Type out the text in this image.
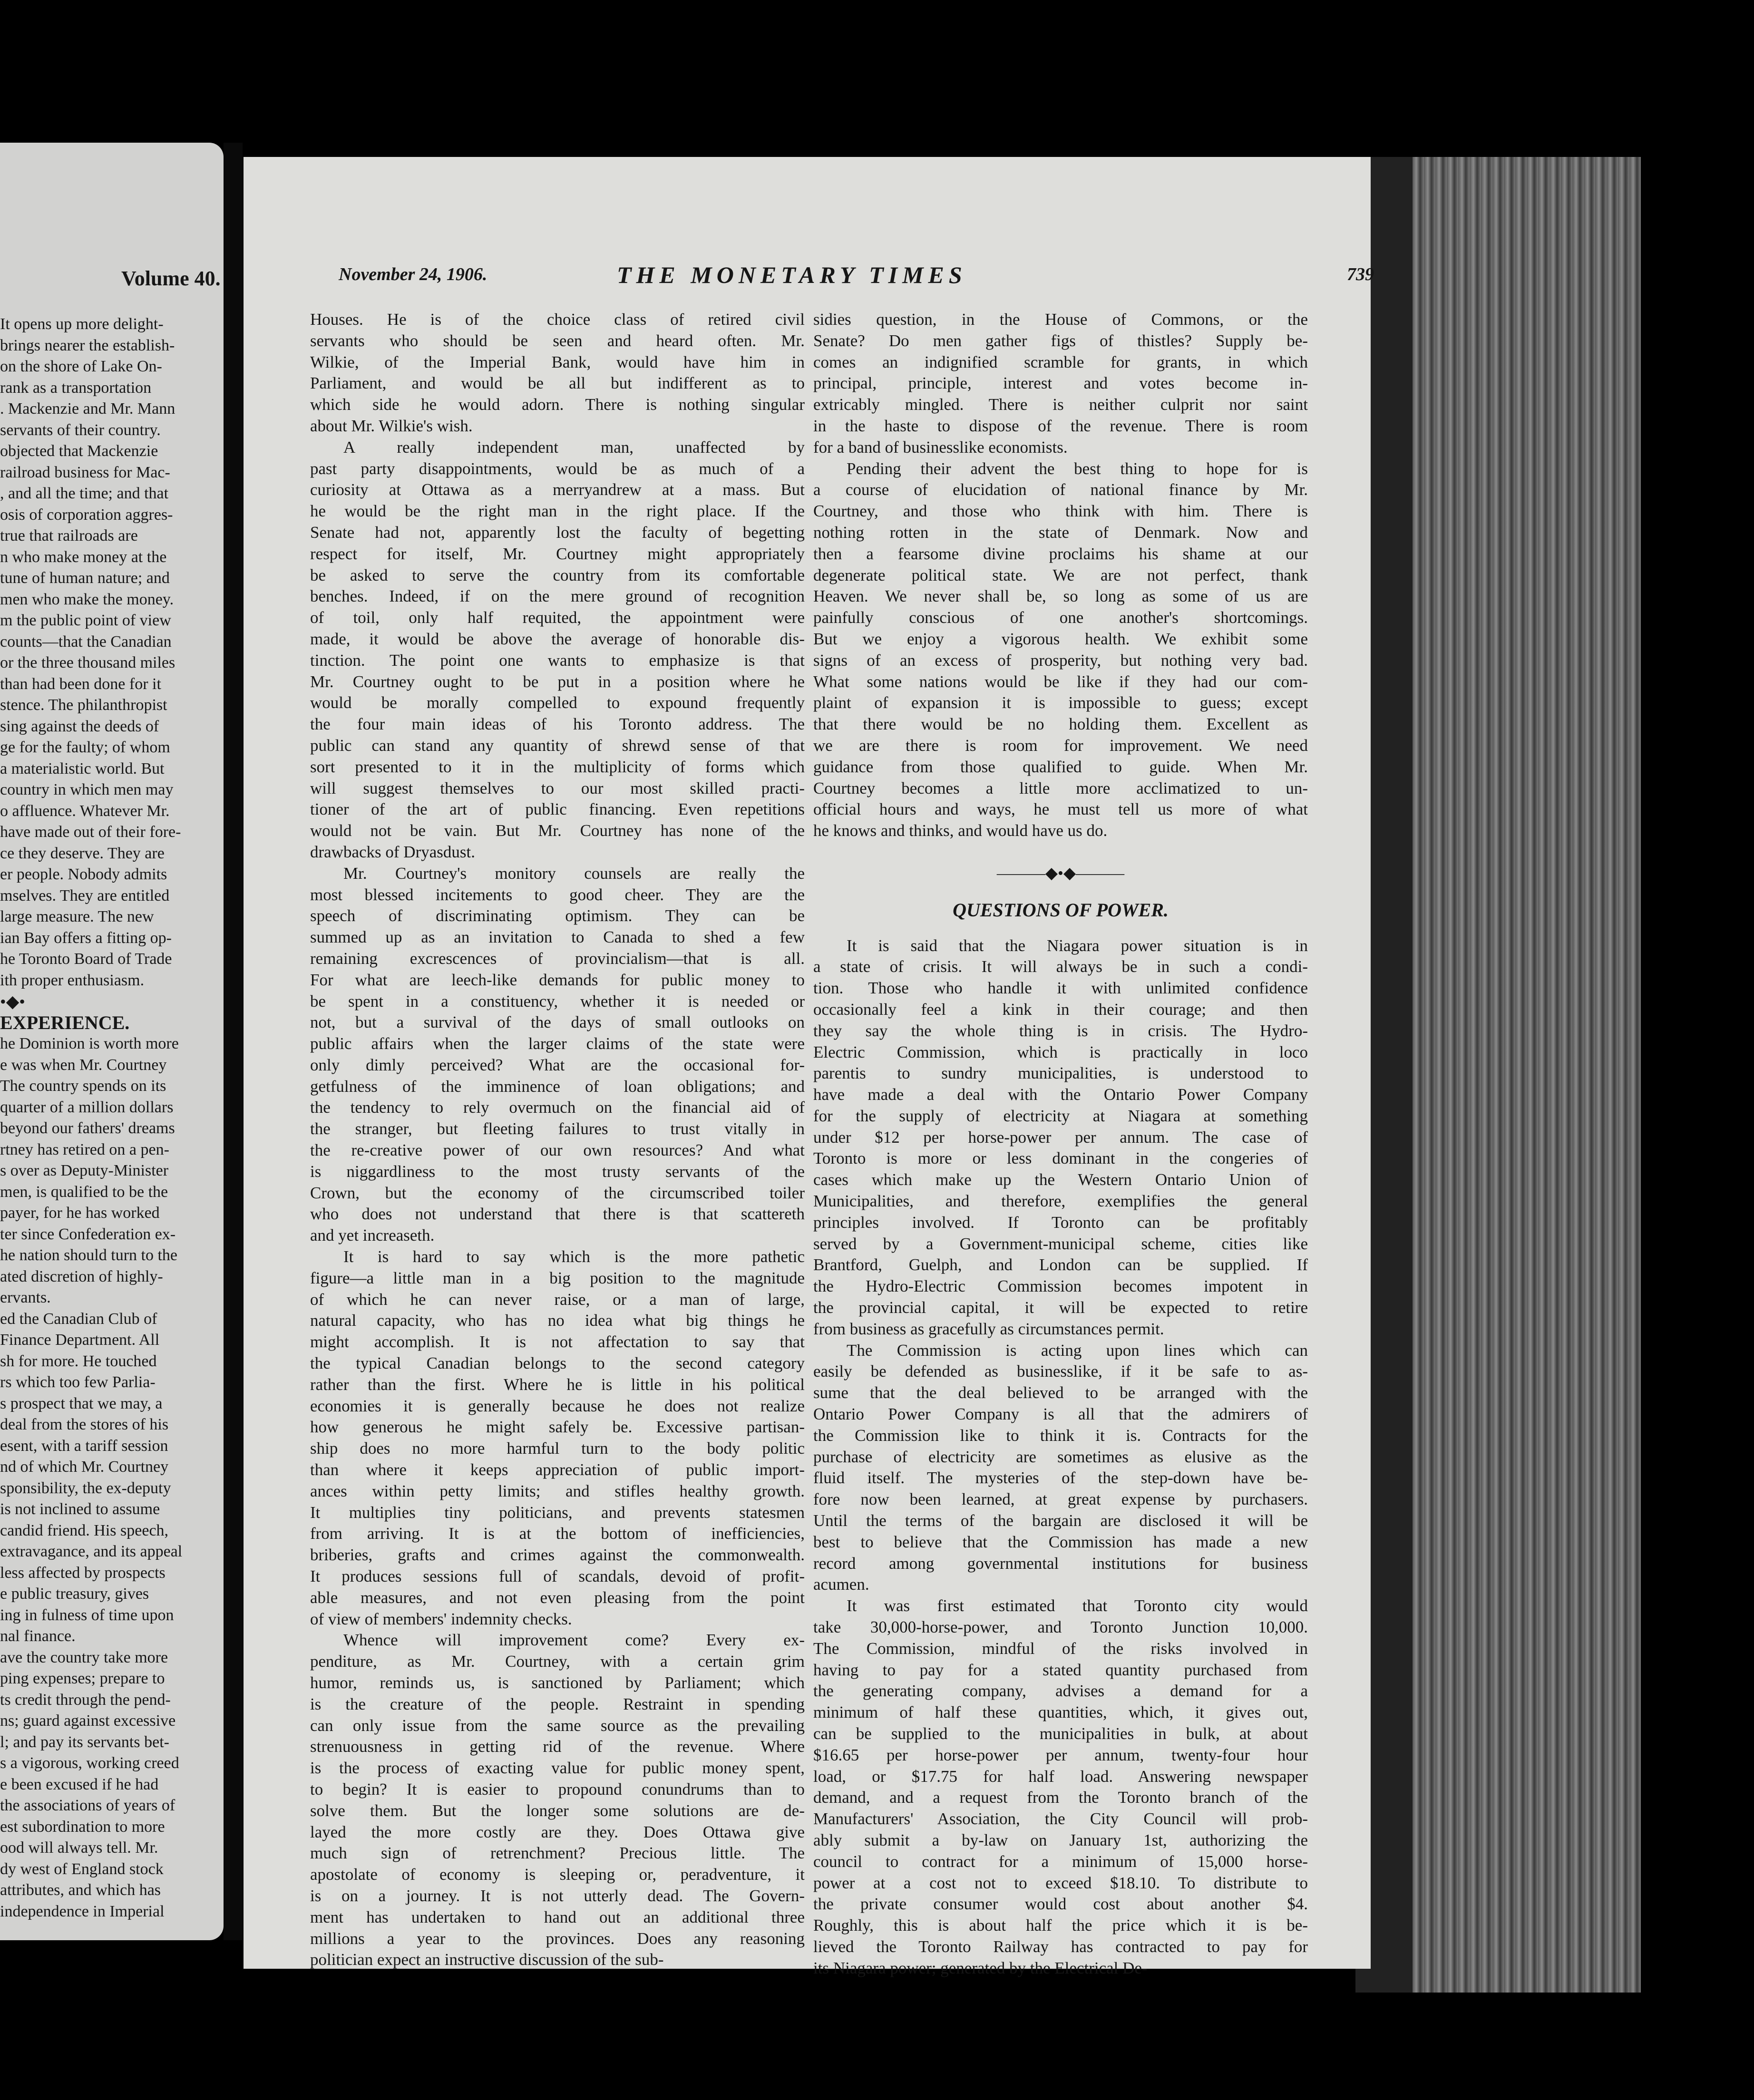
Volume 40.
It opens up more delight-
brings nearer the establish-
on the shore of Lake On-
rank as a transportation
. Mackenzie and Mr. Mann
servants of their country.
objected that Mackenzie
railroad business for Mac-
, and all the time; and that
osis of corporation aggres-
true that railroads are
n who make money at the
tune of human nature; and
men who make the money.
m the public point of view
counts—that the Canadian
or the three thousand miles
than had been done for it
stence. The philanthropist
sing against the deeds of
ge for the faulty; of whom
a materialistic world. But
country in which men may
o affluence. Whatever Mr.
have made out of their fore-
ce they deserve. They are
er people. Nobody admits
mselves. They are entitled
large measure. The new
ian Bay offers a fitting op-
he Toronto Board of Trade
ith proper enthusiasm.
•◆•
EXPERIENCE.
he Dominion is worth more
e was when Mr. Courtney
The country spends on its
quarter of a million dollars
beyond our fathers' dreams
rtney has retired on a pen-
s over as Deputy-Minister
men, is qualified to be the
payer, for he has worked
ter since Confederation ex-
he nation should turn to the
ated discretion of highly-
ervants.
ed the Canadian Club of
Finance Department. All
sh for more. He touched
rs which too few Parlia-
s prospect that we may, a
deal from the stores of his
esent, with a tariff session
nd of which Mr. Courtney
sponsibility, the ex-deputy
is not inclined to assume
candid friend. His speech,
extravagance, and its appeal
less affected by prospects
e public treasury, gives
ing in fulness of time upon
nal finance.
ave the country take more
ping expenses; prepare to
ts credit through the pend-
ns; guard against excessive
l; and pay its servants bet-
s a vigorous, working creed
e been excused if he had
the associations of years of
est subordination to more
ood will always tell. Mr.
dy west of England stock
attributes, and which has
independence in Imperial
November 24, 1906.	THE MONETARY TIMES	739
Houses. He is of the choice class of retired civil
servants who should be seen and heard often. Mr.
Wilkie, of the Imperial Bank, would have him in
Parliament, and would be all but indifferent as to
which side he would adorn. There is nothing singular
about Mr. Wilkie's wish.
A really independent man, unaffected by
past party disappointments, would be as much of a
curiosity at Ottawa as a merryandrew at a mass. But
he would be the right man in the right place. If the
Senate had not, apparently lost the faculty of begetting
respect for itself, Mr. Courtney might appropriately
be asked to serve the country from its comfortable
benches. Indeed, if on the mere ground of recognition
of toil, only half requited, the appointment were
made, it would be above the average of honorable dis-
tinction. The point one wants to emphasize is that
Mr. Courtney ought to be put in a position where he
would be morally compelled to expound frequently
the four main ideas of his Toronto address. The
public can stand any quantity of shrewd sense of that
sort presented to it in the multiplicity of forms which
will suggest themselves to our most skilled practi-
tioner of the art of public financing. Even repetitions
would not be vain. But Mr. Courtney has none of the
drawbacks of Dryasdust.
Mr. Courtney's monitory counsels are really the
most blessed incitements to good cheer. They are the
speech of discriminating optimism. They can be
summed up as an invitation to Canada to shed a few
remaining excrescences of provincialism—that is all.
For what are leech-like demands for public money to
be spent in a constituency, whether it is needed or
not, but a survival of the days of small outlooks on
public affairs when the larger claims of the state were
only dimly perceived? What are the occasional for-
getfulness of the imminence of loan obligations; and
the tendency to rely overmuch on the financial aid of
the stranger, but fleeting failures to trust vitally in
the re-creative power of our own resources? And what
is niggardliness to the most trusty servants of the
Crown, but the economy of the circumscribed toiler
who does not understand that there is that scattereth
and yet increaseth.
It is hard to say which is the more pathetic
figure—a little man in a big position to the magnitude
of which he can never raise, or a man of large,
natural capacity, who has no idea what big things he
might accomplish. It is not affectation to say that
the typical Canadian belongs to the second category
rather than the first. Where he is little in his political
economies it is generally because he does not realize
how generous he might safely be. Excessive partisan-
ship does no more harmful turn to the body politic
than where it keeps appreciation of public import-
ances within petty limits; and stifles healthy growth.
It multiplies tiny politicians, and prevents statesmen
from arriving. It is at the bottom of inefficiencies,
briberies, grafts and crimes against the commonwealth.
It produces sessions full of scandals, devoid of profit-
able measures, and not even pleasing from the point
of view of members' indemnity checks.
Whence will improvement come? Every ex-
penditure, as Mr. Courtney, with a certain grim
humor, reminds us, is sanctioned by Parliament; which
is the creature of the people. Restraint in spending
can only issue from the same source as the prevailing
strenuousness in getting rid of the revenue. Where
is the process of exacting value for public money spent,
to begin? It is easier to propound conundrums than to
solve them. But the longer some solutions are de-
layed the more costly are they. Does Ottawa give
much sign of retrenchment? Precious little. The
apostolate of economy is sleeping or, peradventure, it
is on a journey. It is not utterly dead. The Govern-
ment has undertaken to hand out an additional three
millions a year to the provinces. Does any reasoning
politician expect an instructive discussion of the sub-
sidies question, in the House of Commons, or the
Senate? Do men gather figs of thistles? Supply be-
comes an indignified scramble for grants, in which
principal, principle, interest and votes become in-
extricably mingled. There is neither culprit nor saint
in the haste to dispose of the revenue. There is room
for a band of businesslike economists.
Pending their advent the best thing to hope for is
a course of elucidation of national finance by Mr.
Courtney, and those who think with him. There is
nothing rotten in the state of Denmark. Now and
then a fearsome divine proclaims his shame at our
degenerate political state. We are not perfect, thank
Heaven. We never shall be, so long as some of us are
painfully conscious of one another's shortcomings.
But we enjoy a vigorous health. We exhibit some
signs of an excess of prosperity, but nothing very bad.
What some nations would be like if they had our com-
plaint of expansion it is impossible to guess; except
that there would be no holding them. Excellent as
we are there is room for improvement. We need
guidance from those qualified to guide. When Mr.
Courtney becomes a little more acclimatized to un-
official hours and ways, he must tell us more of what
he knows and thinks, and would have us do.
———◆•◆———
QUESTIONS OF POWER.
It is said that the Niagara power situation is in
a state of crisis. It will always be in such a condi-
tion. Those who handle it with unlimited confidence
occasionally feel a kink in their courage; and then
they say the whole thing is in crisis. The Hydro-
Electric Commission, which is practically in loco
parentis to sundry municipalities, is understood to
have made a deal with the Ontario Power Company
for the supply of electricity at Niagara at something
under $12 per horse-power per annum. The case of
Toronto is more or less dominant in the congeries of
cases which make up the Western Ontario Union of
Municipalities, and therefore, exemplifies the general
principles involved. If Toronto can be profitably
served by a Government-municipal scheme, cities like
Brantford, Guelph, and London can be supplied. If
the Hydro-Electric Commission becomes impotent in
the provincial capital, it will be expected to retire
from business as gracefully as circumstances permit.
The Commission is acting upon lines which can
easily be defended as businesslike, if it be safe to as-
sume that the deal believed to be arranged with the
Ontario Power Company is all that the admirers of
the Commission like to think it is. Contracts for the
purchase of electricity are sometimes as elusive as the
fluid itself. The mysteries of the step-down have be-
fore now been learned, at great expense by purchasers.
Until the terms of the bargain are disclosed it will be
best to believe that the Commission has made a new
record among governmental institutions for business
acumen.
It was first estimated that Toronto city would
take 30,000-horse-power, and Toronto Junction 10,000.
The Commission, mindful of the risks involved in
having to pay for a stated quantity purchased from
the generating company, advises a demand for a
minimum of half these quantities, which, it gives out,
can be supplied to the municipalities in bulk, at about
$16.65 per horse-power per annum, twenty-four hour
load, or $17.75 for half load. Answering newspaper
demand, and a request from the Toronto branch of the
Manufacturers' Association, the City Council will prob-
ably submit a by-law on January 1st, authorizing the
council to contract for a minimum of 15,000 horse-
power at a cost not to exceed $18.10. To distribute to
the private consumer would cost about another $4.
Roughly, this is about half the price which it is be-
lieved the Toronto Railway has contracted to pay for
its Niagara power; generated by the Electrical De-
